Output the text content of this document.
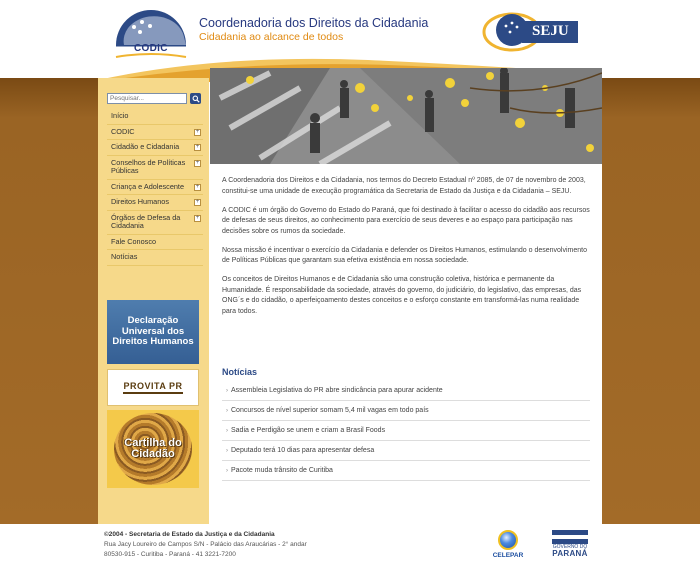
CODIC
Coordenadoria dos Direitos da Cidadania
Cidadania ao alcance de todos	SEJU
Pesquisar...
Início
CODIC	+
Cidadão e Cidadania	+
Conselhos de Políticas Públicas
+
Criança e Adolescente +
Direitos Humanos	+
Órgãos de Defesa da Cidadania
+
Fale Conosco
Notícias
Declaração Universal dos Direitos Humanos
PROVITA PR
Cartilha do Cidadão

A Coordenadoria dos Direitos e da Cidadania, nos termos do Decreto Estadual nº 2085, de 07 de novembro de 2003, constitui-se uma unidade de execução programática da Secretaria de Estado da Justiça e da Cidadania – SEJU.

A CODIC é um órgão do Governo do Estado do Paraná, que foi destinado à facilitar o acesso do cidadão aos recursos de defesas de seus direitos, ao conhecimento para exercício de seus deveres e ao espaço para participação nas decisões sobre os rumos da sociedade.

Nossa missão é incentivar o exercício da Cidadania e defender os Direitos Humanos, estimulando o desenvolvimento de Políticas Públicas que garantam sua efetiva existência em nossa sociedade.

Os conceitos de Direitos Humanos e de Cidadania são uma construção coletiva, histórica e permanente da Humanidade. É responsabilidade da sociedade, através do governo, do judiciário, do legislativo, das empresas, das ONG´s e do cidadão, o aperfeiçoamento destes conceitos e o esforço constante em transformá-las numa realidade para todos.

Notícias
› Assembleia Legislativa do PR abre sindicância para apurar acidente
› Concursos de nível superior somam 5,4 mil vagas em todo país
› Sadia e Perdigão se unem e criam a Brasil Foods
› Deputado terá 10 dias para apresentar defesa
› Pacote muda trânsito de Curitiba
©2004 - Secretaria de Estado da Justiça e da Cidadania
Rua Jacy Loureiro de Campos S/N - Palácio das Araucárias - 2° andar
80530-915 - Curitiba - Paraná - 41 3221-7200	CELEPAR
GOVERNO DO
PARANÁ
